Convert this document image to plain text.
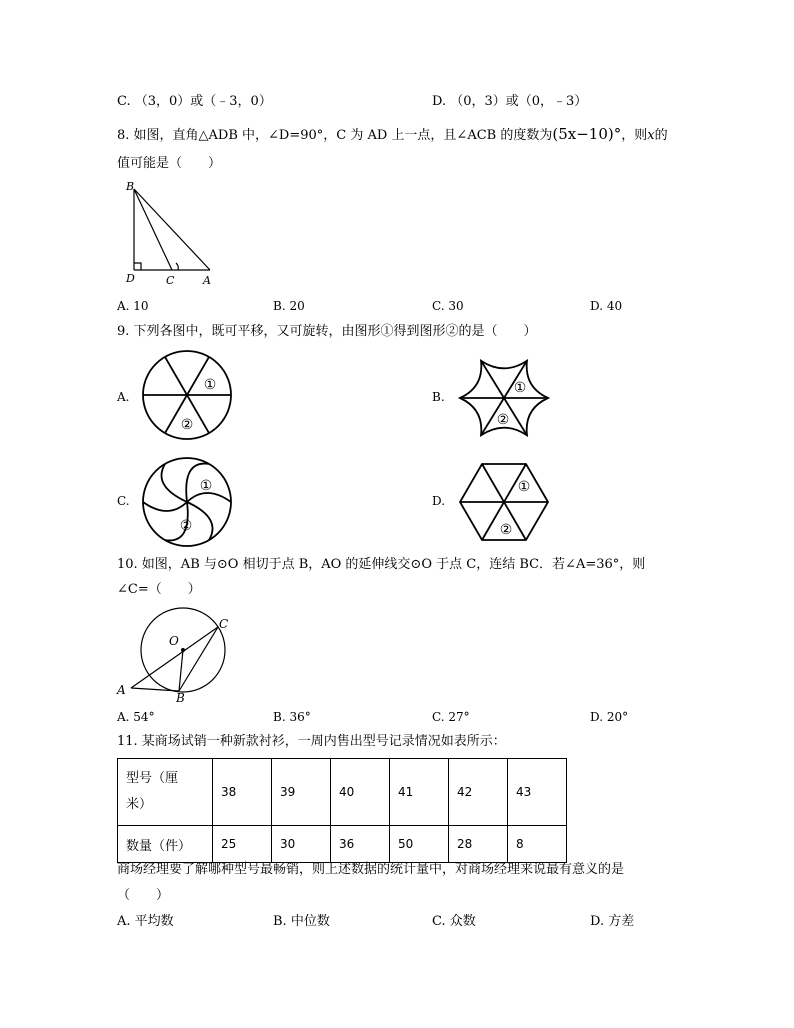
C. （3，0）或（﹣3，0）	D. （0，3）或（0，﹣3）
8. 如图，直角△ADB 中，∠D=90°，C 为 AD 上一点，且∠ACB 的度数为(5x−10)°，则x的
值可能是（　　）
B
D	C	A
A. 10	B. 20	C. 30	D. 40
9. 下列各图中，既可平移，又可旋转，由图形①得到图形②的是（　　）
A.	B.
C.	D.
①
②
①
②
①
②
①
②
10. 如图，AB 与⊙O 相切于点 B，AO 的延伸线交⊙O 于点 C，连结 BC．若∠A=36°，则
∠C=（　　）
O
C
A
B
A. 54°	B. 36°	C. 27°	D. 20°
11. 某商场试销一种新款衬衫，一周内售出型号记录情况如表所示：
型号（厘
米）	38	39	40	41	42	43
数量（件）	25	30	36	50	28	8
商场经理要了解哪种型号最畅销，则上述数据的统计量中，对商场经理来说最有意义的是
（　　）
A. 平均数	B. 中位数	C. 众数	D. 方差
